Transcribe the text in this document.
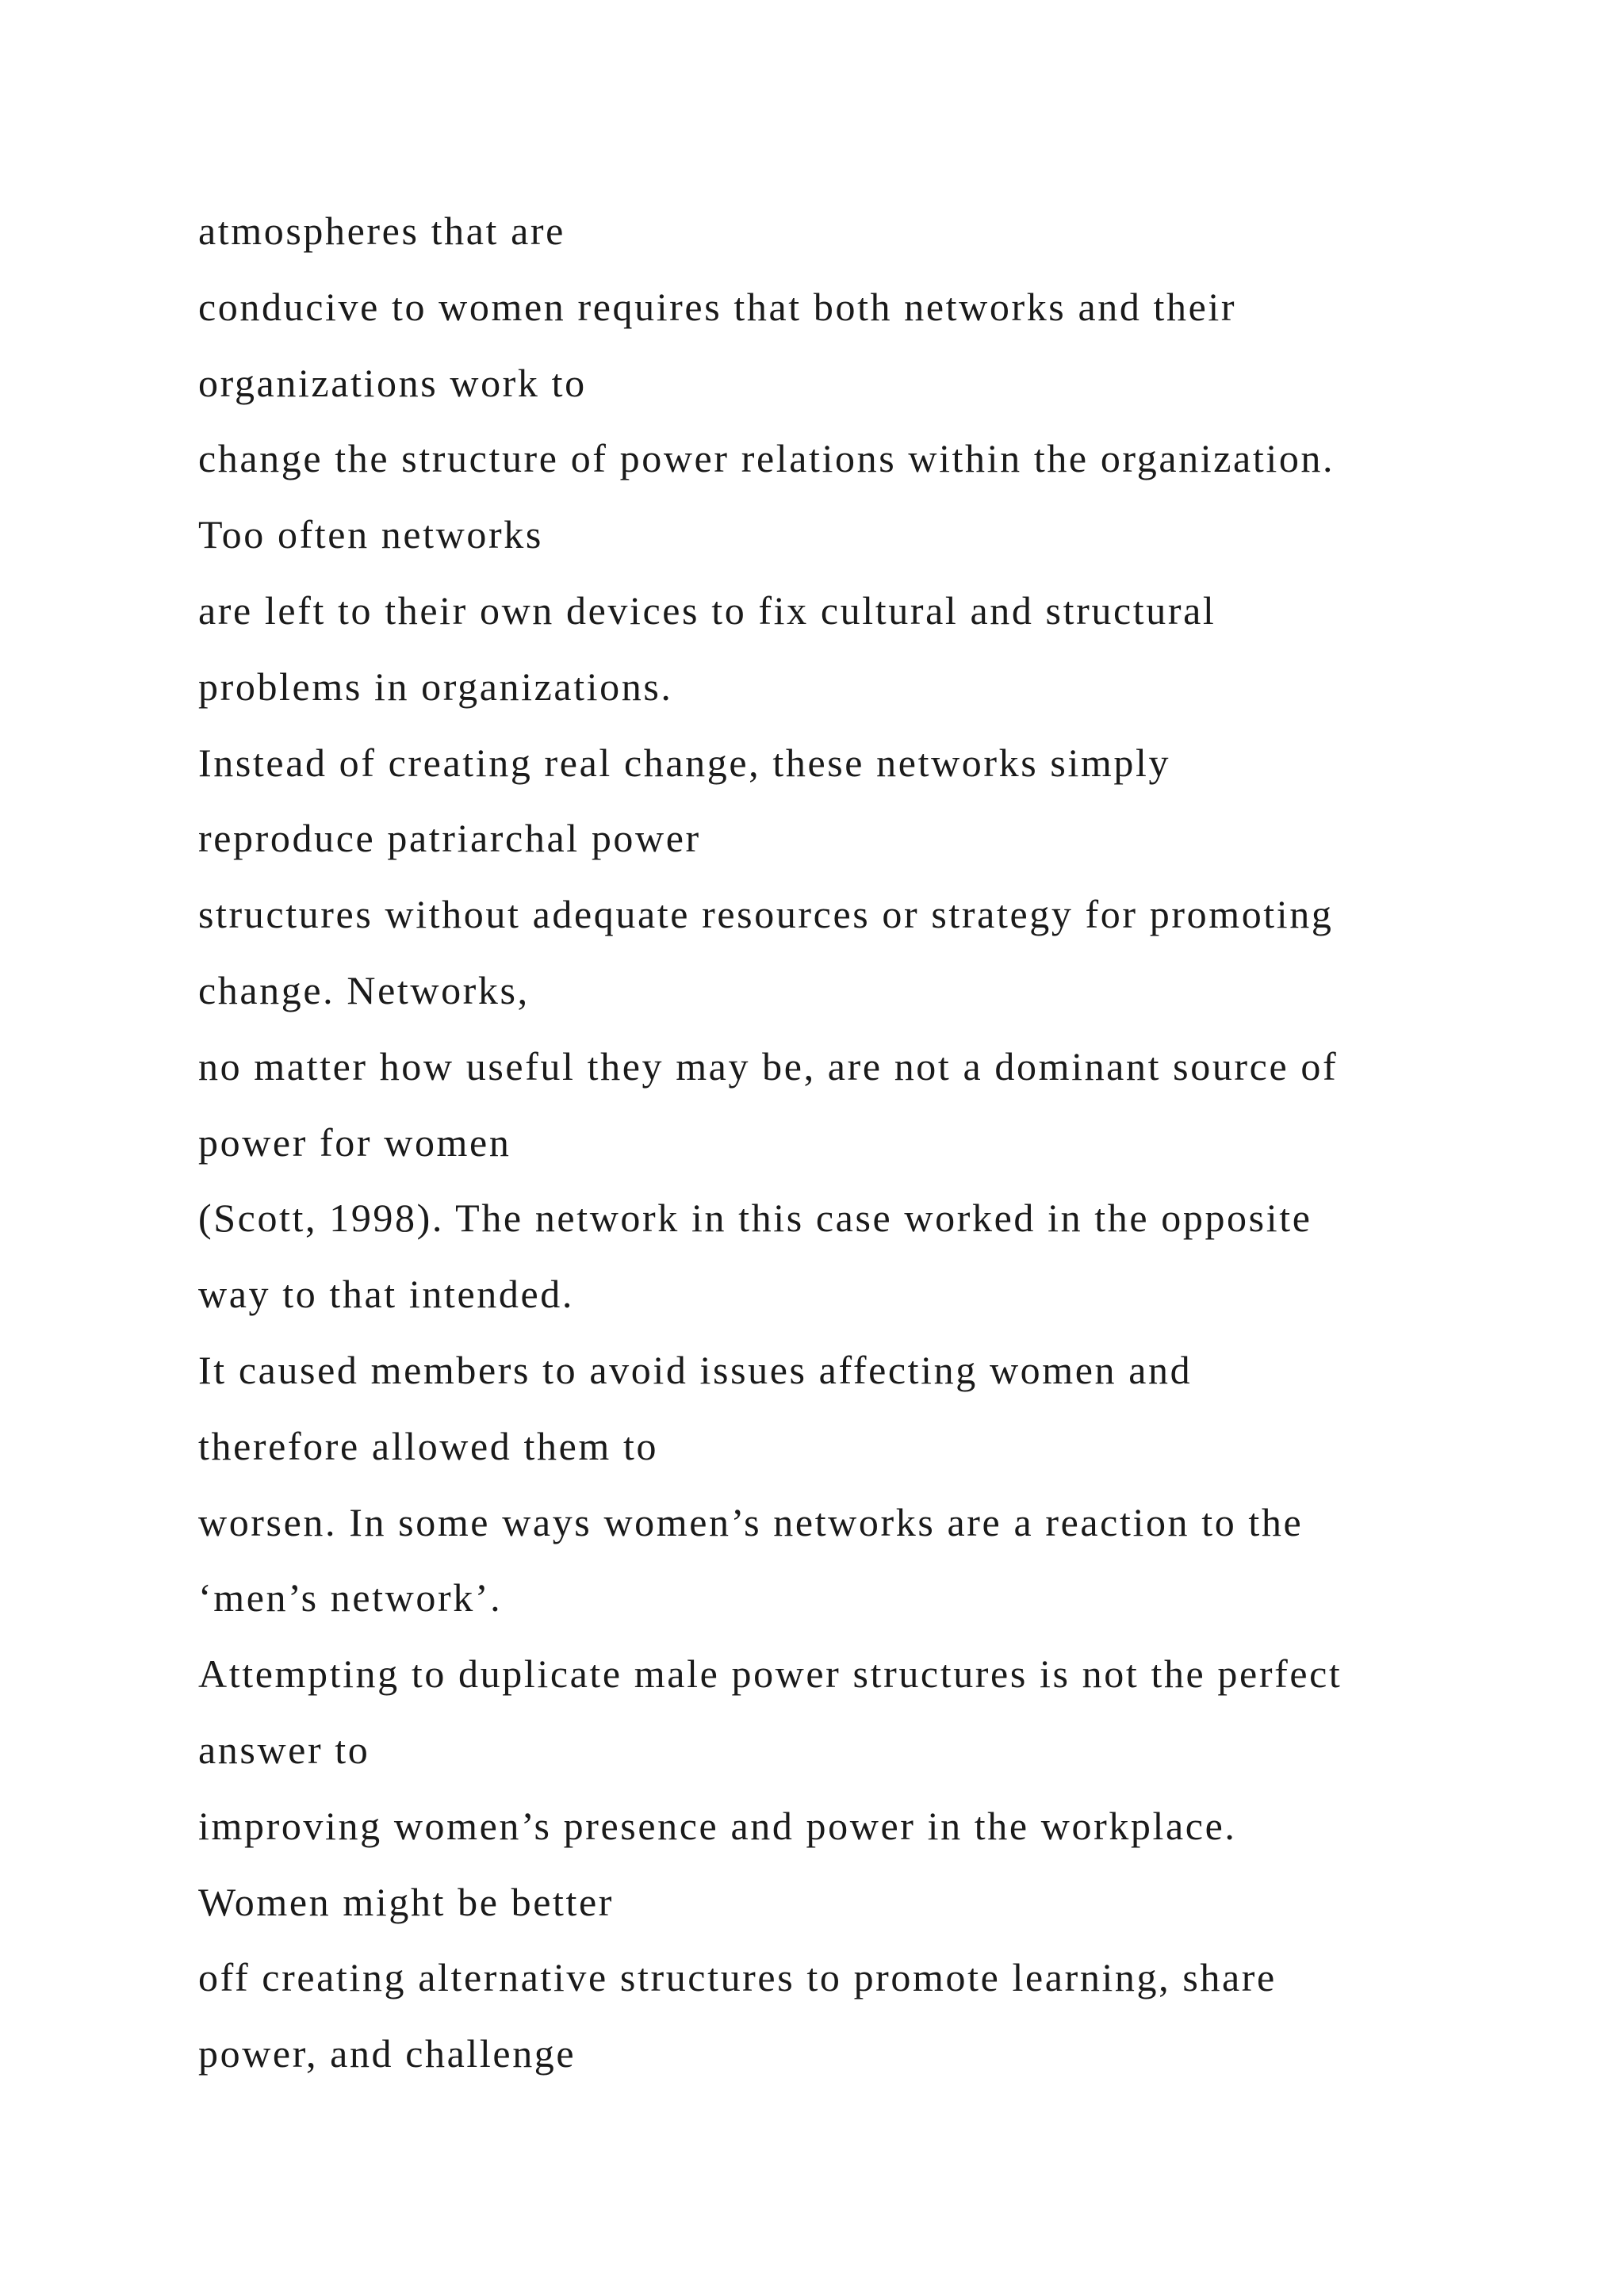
atmospheres that are
conducive to women requires that both networks and their
organizations work to
change the structure of power relations within the organization.
Too often networks
are left to their own devices to fix cultural and structural
problems in organizations.
Instead of creating real change, these networks simply
reproduce patriarchal power
structures without adequate resources or strategy for promoting
change. Networks,
no matter how useful they may be, are not a dominant source of
power for women
(Scott, 1998). The network in this case worked in the opposite
way to that intended.
It caused members to avoid issues affecting women and
therefore allowed them to
worsen. In some ways women’s networks are a reaction to the
‘men’s network’.
Attempting to duplicate male power structures is not the perfect
answer to
improving women’s presence and power in the workplace.
Women might be better
off creating alternative structures to promote learning, share
power, and challenge
